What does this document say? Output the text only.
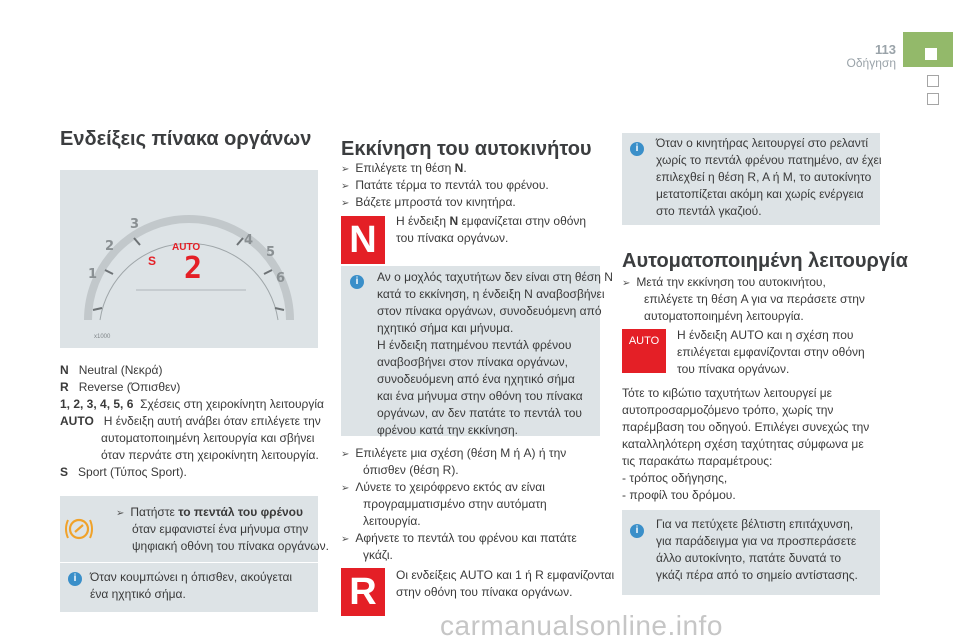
113
Οδήγηση
Ενδείξεις πίνακα οργάνων
1
2
3
4
5
6
AUTO
2
S
x1000
N Neutral (Νεκρά)
R Reverse (Όπισθεν)
1, 2, 3, 4, 5, 6 Σχέσεις στη χειροκίνητη λειτουργία
AUTO Η ένδειξη αυτή ανάβει όταν επιλέγετε την
αυτοματοποιημένη λειτουργία και σβήνει
όταν περνάτε στη χειροκίνητη λειτουργία.
S Sport (Τύπος Sport).
➢ Πατήστε το πεντάλ του φρένου
όταν εμφανιστεί ένα μήνυμα στην
ψηφιακή οθόνη του πίνακα οργάνων.
i	Όταν κουμπώνει η όπισθεν, ακούγεται
ένα ηχητικό σήμα.
Εκκίνηση του αυτοκινήτου
➢ Επιλέγετε τη θέση N.
➢ Πατάτε τέρμα το πεντάλ του φρένου.
➢ Βάζετε μπροστά τον κινητήρα.
N	Η ένδειξη N εμφανίζεται στην οθόνη
του πίνακα οργάνων.
i	Αν ο μοχλός ταχυτήτων δεν είναι στη θέση N
κατά το εκκίνηση, η ένδειξη N αναβοσβήνει
στον πίνακα οργάνων, συνοδευόμενη από
ηχητικό σήμα και μήνυμα.
Η ένδειξη πατημένου πεντάλ φρένου
αναβοσβήνει στον πίνακα οργάνων,
συνοδευόμενη από ένα ηχητικό σήμα
και ένα μήνυμα στην οθόνη του πίνακα
οργάνων, αν δεν πατάτε το πεντάλ του
φρένου κατά την εκκίνηση.
➢ Επιλέγετε μια σχέση (θέση M ή A) ή την
όπισθεν (θέση R).
➢ Λύνετε το χειρόφρενο εκτός αν είναι
προγραμματισμένο στην αυτόματη
λειτουργία.
➢ Αφήνετε το πεντάλ του φρένου και πατάτε
γκάζι.
R	Οι ενδείξεις AUTO και 1 ή R εμφανίζονται
στην οθόνη του πίνακα οργάνων.
i	Όταν ο κινητήρας λειτουργεί στο ρελαντί
χωρίς το πεντάλ φρένου πατημένο, αν έχει
επιλεχθεί η θέση R, A ή M, το αυτοκίνητο
μετατοπίζεται ακόμη και χωρίς ενέργεια
στο πεντάλ γκαζιού.
Αυτοματοποιημένη λειτουργία
➢ Μετά την εκκίνηση του αυτοκινήτου,
επιλέγετε τη θέση A για να περάσετε στην
αυτοματοποιημένη λειτουργία.
AUTO	Η ένδειξη AUTO και η σχέση που
επιλέγεται εμφανίζονται στην οθόνη
του πίνακα οργάνων.
Τότε το κιβώτιο ταχυτήτων λειτουργεί με
αυτοπροσαρμοζόμενο τρόπο, χωρίς την
παρέμβαση του οδηγού. Επιλέγει συνεχώς την
καταλληλότερη σχέση ταχύτητας σύμφωνα με
τις παρακάτω παραμέτρους:
- τρόπος οδήγησης,
- προφίλ του δρόμου.
i	Για να πετύχετε βέλτιστη επιτάχυνση,
για παράδειγμα για να προσπεράσετε
άλλο αυτοκίνητο, πατάτε δυνατά το
γκάζι πέρα από το σημείο αντίστασης.
carmanualsonline.info
